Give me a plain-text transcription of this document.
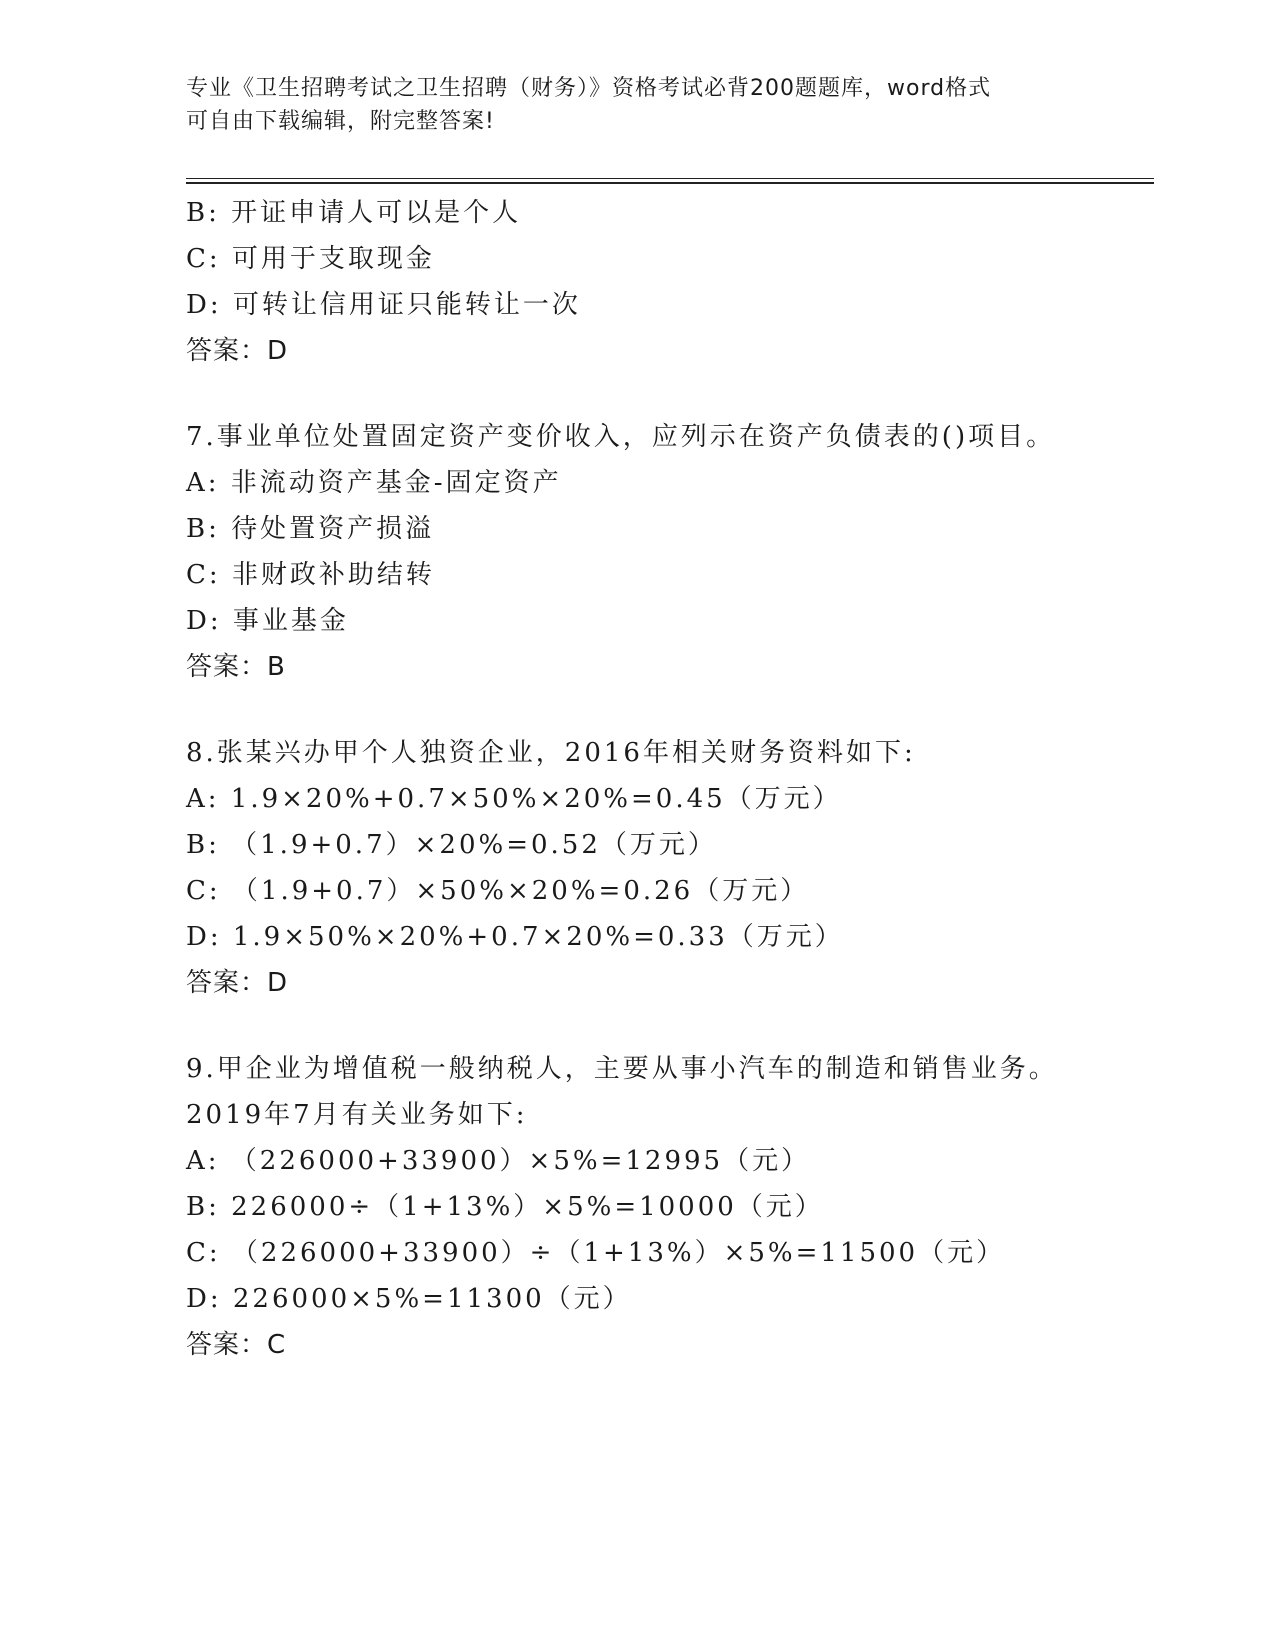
专业《卫生招聘考试之卫生招聘（财务）》资格考试必背200题题库，word格式
可自由下载编辑，附完整答案!
B: 开证申请人可以是个人
C: 可用于支取现金
D: 可转让信用证只能转让一次
答案：D
7.事业单位处置固定资产变价收入，应列示在资产负债表的()项目。
A: 非流动资产基金-固定资产
B: 待处置资产损溢
C: 非财政补助结转
D: 事业基金
答案：B
8.张某兴办甲个人独资企业，2016年相关财务资料如下:
A: 1.9×20%+0.7×50%×20%=0.45（万元）
B: （1.9+0.7）×20%=0.52（万元）
C: （1.9+0.7）×50%×20%=0.26（万元）
D: 1.9×50%×20%+0.7×20%=0.33（万元）
答案：D
9.甲企业为增值税一般纳税人，主要从事小汽车的制造和销售业务。
2019年7月有关业务如下:
A: （226000+33900）×5%=12995（元）
B: 226000÷（1+13%）×5%=10000（元）
C: （226000+33900）÷（1+13%）×5%=11500（元）
D: 226000×5%=11300（元）
答案：C
